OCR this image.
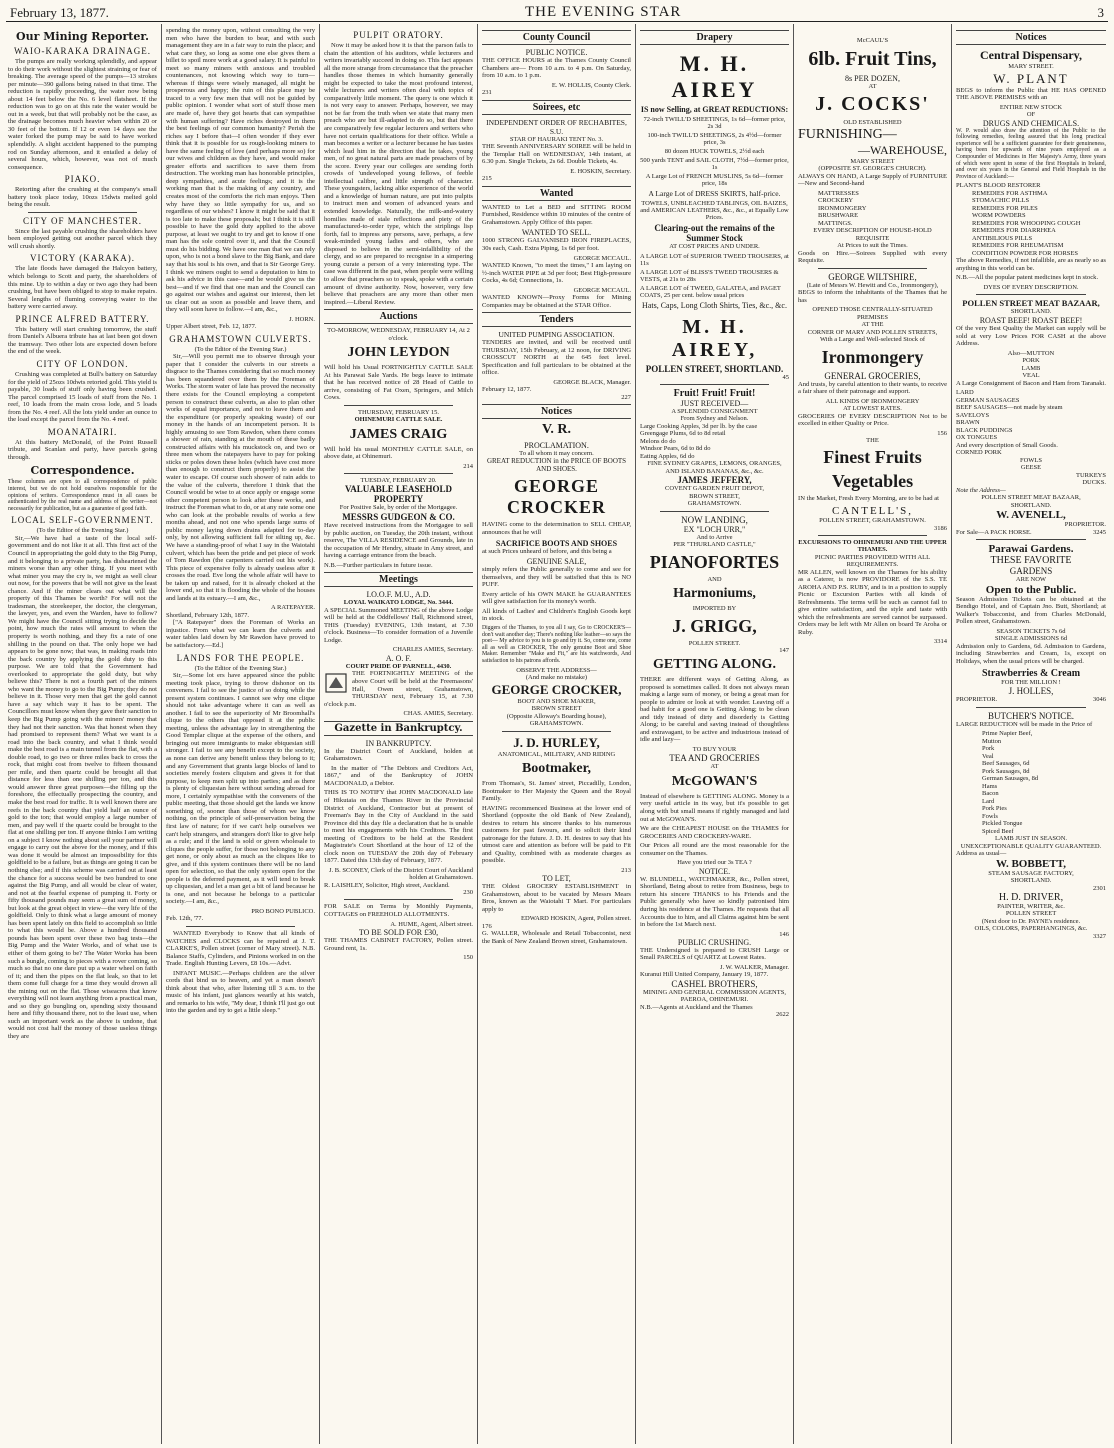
February 13, 1877.	THE EVENING STAR	3
Our Mining Reporter.
WAIO-KARAKA DRAINAGE.

The pumps are really working splendidly, and appear to do their work without the slightest straining or fear of breaking. The average speed of the pumps—13 strokes per minute—390 gallons being raised in that time. The reduction is rapidly proceeding, the water now being about 14 feet below the No. 6 level flatsheet. If the reduction was to go on at this rate the water would be out in a week, but that will probably not be the case, as the drainage becomes much heavier when within 20 or 30 feet of the bottom. If 12 or even 14 days see the water forked the pump may be said to have worked splendidly. A slight accident happened to the pumping rod on Sunday afternoon, and it entailed a delay of several hours, which, however, was not of much consequence.

PIAKO.

Retorting after the crushing at the company's small battery took place today, 10ozs 15dwts melted gold being the result.

CITY OF MANCHESTER.

Since the last payable crushing the shareholders have been employed getting out another parcel which they will crush shortly.

VICTORY (KARAKA).

The late floods have damaged the Halcyon battery, which belongs to Scott and party, the shareholders of this mine. Up to within a day or two ago they had been crushing, but have been obliged to stop to make repairs. Several lengths of fluming conveying water to the battery were carried away.

PRINCE ALFRED BATTERY.

This battery will start crushing tomorrow, the stuff from Daniel's Albuera tribute has at last been got down the tramway. Two other lots are expected down before the end of the week.

CITY OF LONDON.

Crushing was completed at Bull's battery on Saturday for the yield of 25ozs 10dwts retorted gold. This yield is payable, 30 loads of stuff only having been crushed. The parcel comprised 15 loads of stuff from the No. 1 reef, 10 loads from the main cross lode, and 5 loads from the No. 4 reef. All the lots yield under an ounce to the load except the parcel from the No. 4 reef.

MOANATAIRI.

At this battery McDonald, of the Point Russell tribute, and Scanlan and party, have parcels going through.

Correspondence.

These columns are open to all correspondence of public interest, but we do not hold ourselves responsible for the opinions of writers. Correspondence must in all cases be authenticated by the real name and address of the writer—not necessarily for publication, but as a guarantee of good faith.

LOCAL SELF-GOVERNMENT.
(To the Editor of the Evening Star.)

Sir,—We have had a taste of the local self-government and do not like it at all. This first act of the Council in appropriating the gold duty to the Big Pump, and it belonging to a private party, has disheartened the miners worse than any other thing. If you meet with what miner you may the cry is, we might as well clear out now, for the powers that be will not give us the least chance. And if the miner clears out what will the property of this Thames be worth? For will not the tradesman, the storekeeper, the doctor, the clergyman, the lawyer, yes, and even the Warden, have to follow? We might have the Council sitting trying to decide the point, how much the rates will amount to when the property is worth nothing, and they fix a rate of one shilling in the pound on that. The only hope we had appears to be gone now; that was, in making roads into the back country by applying the gold duty to this purpose. We are told that the Government had overlooked to appropriate the gold duty, but why believe this? There is not a fourth part of the miners who want the money to go to the Big Pump; they do not believe in it. Those very men that get the gold cannot have a say which way it has to be spent. The Councillors must know when they gave their sanction to keep the Big Pump going with the miners' money that they had not their sanction. Was that honest when they had promised to represent them? What we want is a road into the back country, and what I think would make the best road is a main tunnel from the flat, with a double road, to go two or three miles back to cross the rock, that might cost from twelve to fifteen thousand per mile, and then quartz could be brought all that distance for less than one shilling per ton, and this would answer three great purposes—the filling up the foreshore, the effectually prospecting the country, and make the best road for traffic. It is well known there are reefs in the back country that yield half an ounce of gold to the ton; that would employ a large number of men, and pay well if the quartz could be brought to the flat at one shilling per ton. If anyone thinks I am writing on a subject I know nothing about sell your partner will engage to carry out the above for the money, and if this was done it would be almost an impossibility for this goldfield to be a failure, but as things are going it can be nothing else; and if this scheme was carried out at least the chance for a success would be two hundred to one against the Big Pump, and all would be clear of water, and not at the fearful expense of pumping it. Forty or fifty thousand pounds may seem a great sum of money, but look at the great object in view—the very life of the goldfield. Only to think what a large amount of money has been spent lately on this field to accomplish so little to what this would be. Above a hundred thousand pounds has been spent over these two bag tests—the Big Pump and the Water Works, and of what use is either of them going to be? The Water Works has been such a bungle, coming to pieces with a rover coming, so much so that no one dare put up a water wheel on faith of it; and then the pipes on the flat leak, so that to let them come full charge for a time they would drown all the mining out on the flat. Those wiseacres that know everything will not learn anything from a practical man, and so they go bungling on, spending sixty thousand here and fifty thousand there, not to the least use, when such an important work as the above is undone, that would not cost half the money of those useless things they are

spending the money upon, without consulting the very men who have the burden to bear, and with such management they are in a fair way to ruin the place; and what care they, so long as some one else gives them a billet to spoil more work at a good salary. It is painful to meet so many miners with anxious and troubled countenances, not knowing which way to turn—whereas if things were wisely managed, all might be prosperous and happy; the ruin of this place may be traced to a very few men that will not be guided by public opinion. I wonder what sort of stuff those men are made of, have they got hearts that can sympathise with human suffering? Have riches destroyed in them the best feelings of our common humanity? Perish the riches say I before that—I often wonder if they ever think that it is possible for us rough-looking miners to have the same feeling of love (and perhaps more so) for our wives and children as they have, and would make greater efforts and sacrifices to save them from destruction. The working man has honorable principles, deep sympathies, and acute feelings; and it is the working man that is the making of any country, and creates most of the comforts the rich man enjoys. Then why have they so little sympathy for us, and so regardless of our wishes? I know it might be said that it is too late to make these proposals; but I think it is still possible to have the gold duty applied to the above purpose, at least we ought to try and get to know if one man has the sole control over it, and that the Council must do his bidding. We have one man that we can rely upon, who is not a bond slave to the Big Bank, and dare say that his soul is his own, and that is Sir George Grey. I think we miners ought to send a deputation to him to ask his advice in this case—and he would give us the best—and if we find that one man and the Council can go against our wishes and against our interest, then let us clear out as soon as possible and leave them, and they will soon have to follow.—I am, &c.,

J. HORN.
Upper Albert street, Feb. 12, 1877.
GRAHAMSTOWN CULVERTS.
(To the Editor of the Evening Star.)

Sir,—Will you permit me to observe through your paper that I consider the culverts in our streets a disgrace to the Thames considering that so much money has been squandered over them by the Foreman of Works. The storm water of late has proved the necessity there exists for the Council employing a competent person to construct these culverts, as also to plan other works of equal importance, and not to leave them and the expenditure (or properly speaking waste) of our money in the hands of an incompetent person. It is highly amusing to see Tom Rawdon, when there comes a shower of rain, standing at the mouth of these badly constructed affairs with his muckstock on, and two or three men whom the ratepayers have to pay for poking sticks or poles down these holes (which have cost more than enough to construct them properly) to assist the water to escape. Of course such shower of rain adds to the value of the culverts, therefore I think that the Council would be wise to at once apply or engage some other competent person to look after these works, and instruct the Foreman what to do, or at any rate some one who can look at the probable results of works a few months ahead, and not one who spends large sums of public money laying down drains adapted for to-day only, by not allowing sufficient fall for silting up, &c. We have a standing-proof of what I say in the Waiotahi culvert, which has been the pride and pet piece of work of Tom Rawdon (the carpenters carried out his work). This piece of expensive folly is already useless after it crosses the road. Eve long the whole affair will have to be taken up and raised, for it is already choked at the lower end, so that it is flooding the whole of the houses and lands at its estuary.—I am, &c.,

A RATEPAYER.
Shortland, February 12th, 1877.

["A Ratepayer" does the Foreman of Works an injustice. From what we can learn the culverts and water tables laid down by Mr Rawdon have proved to be satisfactory.—Ed.]

LANDS FOR THE PEOPLE.
(To the Editor of the Evening Star.)

Sir,—Some lot ers have appeared since the public meeting took place, trying to throw dishonor on its conveners. I fail to see the justice of so doing while the present system continues. I cannot see why one clique should not take advantage where it can as well as another. I fail to see the superiority of Mr Broomhall's clique to the others that opposed it at the public meeting, unless the advantage lay in strengthening the Good Templar clique at the expense of the others, and bringing out more immigrants to make ebiquesian still stronger. I fail to see any benefit except to the society, as none can derive any benefit unless they belong to it; and any Government that grants large blocks of land to societies merely fosters cliquism and gives it for that purpose, to keep men split up into parties; and as there is plenty of cliquesian here without sending abroad for more, I certainly sympathise with the conveners of the public meeting, that those should get the lands we know something of, sooner than those of whom we know nothing, on the principle of self-preservation being the first law of nature; for if we can't help ourselves we can't help strangers, and strangers don't like to give help as a rule; and if the land is sold or given wholesale to cliques the people suffer, for those not belonging to any get none, or only about as much as the cliques like to give, and if this system continues there will be no land open for selection, so that the only system open for the people is the deferred payment, as it will tend to break up cliquesian, and let a man get a bit of land because he is one, and not because he belongs to a particular society.—I am, &c.,

PRO BONO PUBLICO.
Feb. 12th, '77.

WANTED Everybody to Know that all kinds of WATCHES and CLOCKS can be repaired at J. T. CLARKE'S, Pollen street (corner of Mary street). N.B. Balance Staffs, Cylinders, and Pinions worked in on the Trade. English Hunting Levers, £8 10s.—Advt.

INFANT MUSIC.—Perhaps children are the silver cords that bind us to heaven, and yet a man doesn't think about that who, after listening till 3 a.m. to the music of his infant, just glances wearily at his watch, and remarks to his wife, "My dear, I think I'll just go out into the garden and try to get a little sleep."

PULPIT ORATORY.

Now it may be asked how it is that the parson fails to chain the attention of his auditors, while lecturers and writers invariably succeed in doing so. This fact appears all the more strange from circumstance that the preacher handles those themes in which humanity generally might be expected to take the most profound interest, while lecturers and writers often deal with topics of comparatively little moment. The query is one which it is not very easy to answer. Perhaps, however, we may not be far from the truth when we state that many men preach who are but ill-adapted to do so, but that there are comparatively few regular lecturers and writers who have not certain qualifications for their office. While a man becomes a writer or a lecturer because he has tastes which lead him in the direction that he takes, young men, of no great natural parts are made preachers of by the score. Every year our colleges are sending forth crowds of 'undeveloped young fellows, of feeble intellectual calibre, and little strength of character. These youngsters, lacking alike experience of the world and a knowledge of human nature, are put into pulpits to instruct men and women of advanced years and extended knowledge. Naturally, the milk-and-watery homilies made of stale reflections and piety of the manufactured-to-order type, which the striplings lisp forth, fail to impress any persons, save, perhaps, a few weak-minded young ladies and others, who are disposed to believe in the semi-infallibility of the clergy, and so are prepared to recognise in a simpering young curate a person of a very interesting type. The case was different in the past, when people were willing to allow that preachers so to speak, spoke with a certain amount of divine authority. Now, however, very few believe that preachers are any more than other men inspired.—Liberal Review.

Auctions
TO-MORROW, WEDNESDAY, FEBRUARY 14, At 2 o'clock.
JOHN LEYDON

Will hold his Usual FORTNIGHTLY CATTLE SALE At his Parawai Sale Yards. He begs leave to intimate that he has received notice of 28 Head of Cattle to arrive, consisting of Fat Oxen, Springers, and Milch Cows.

THURSDAY, FEBRUARY 15.
OHINEMURI CATTLE SALE.
JAMES CRAIG

Will hold his usual MONTHLY CATTLE SALE, on above date, at Ohinemuri.

214
TUESDAY, FEBRUARY 20.
VALUABLE LEASEHOLD PROPERTY
For Positive Sale, by order of the Mortgagee.
MESSRS GUDGEON & CO.

Have received instructions from the Mortgagee to sell by public auction, on Tuesday, the 20th instant, without reserve, The VILLA RESIDENCE and Grounds, late in the occupation of Mr Hendry, situate in Amy street, and having a carriage entrance from the beach.

N.B.—Further particulars in future issue.

Meetings
I.O.O.F. M.U., A.D.
LOYAL WAIKATO LODGE, No. 3444.

A SPECIAL Summoned MEETING of the above Lodge will be held at the Oddfellows' Hall, Richmond street, THIS (Tuesday) EVENING, 13th instant, at 7.30 o'clock. Business—To consider formation of a Juvenile Lodge.

CHARLES AMIES, Secretary.
A. O. F.
COURT PRIDE OF PARNELL, 4430.

THE FORTNIGHTLY MEETING of the above Court will be held at the Freemasons' Hall, Owen street, Grahamstown, THURSDAY next, February 15, at 7.30 o'clock p.m.

CHAS. AMIES, Secretary.
Gazette in Bankruptcy.
IN BANKRUPTCY.

In the District Court of Auckland, holden at Grahamstown.

In the matter of "The Debtors and Creditors Act, 1867," and of the Bankruptcy of JOHN MACDONALD, a Debtor.

THIS IS TO NOTIFY that JOHN MACDONALD late of Hikutaia on the Thames River in the Provincial District of Auckland, Contractor but at present of Freeman's Bay in the City of Auckland in the said Province did this day file a declaration that he is unable to meet his engagements with his Creditors. The first meeting of Creditors to be held at the Resident Magistrate's Court Shortland at the hour of 12 of the clock noon on TUESDAY the 20th day of February 1877. Dated this 13th day of February, 1877.

J. B. SCONEY, Clerk of the District Court of Auckland holden at Grahamstown.
R. LAISHLEY, Solicitor, High street, Auckland.
230

FOR SALE on Terms by Monthly Payments, COTTAGES on FREEHOLD ALLOTMENTS.

A. HUME, Agent, Albert street.
TO BE SOLD FOR £30,

THE THAMES CABINET FACTORY, Pollen street. Ground rent, 1s.

150
County Council
PUBLIC NOTICE.

THE OFFICE HOURS at the Thames County Council Chambers are— From 10 a.m. to 4 p.m. On Saturday, from 10 a.m. to 1 p.m.

E. W. HOLLIS, County Clerk.
231
Soirees, etc
INDEPENDENT ORDER OF RECHABITES, S.U.
STAR OF HAURAKI TENT No. 3.

THE Seventh ANNIVERSARY SOIREE will be held in the Templar Hall on WEDNESDAY, 14th instant, at 6.30 p.m. Single Tickets, 2s 6d. Double Tickets, 4s.

E. HOSKIN, Secretary.
215
Wanted

WANTED to Let a BED and SITTING ROOM Furnished, Residence within 10 minutes of the centre of Grahamstown. Apply Office of this paper.

WANTED TO SELL.

1000 STRONG GALVANISED IRON FIREPLACES, 30s each, Cash. Extra Piping, 1s 6d per foot.

GEORGE MCCAUL.

WANTED Known, "to meet the times," I am laying on ½-inch WATER PIPE at 3d per foot; Best High-pressure Cocks, 4s 6d; Connections, 1s.

GEORGE MCCAUL.

WANTED KNOWN—Proxy Forms for Mining Companies may be obtained at the STAR Office.

Tenders
UNITED PUMPING ASSOCIATION.

TENDERS are invited, and will be received until THURSDAY, 15th February, at 12 noon, for DRIVING CROSSCUT NORTH at the 645 feet level. Specification and full particulars to be obtained at the office.

GEORGE BLACK, Manager.
February 12, 1877.
227
Notices
V. R.
PROCLAMATION.
To all whom it may concern.
GREAT REDUCTION in the PRICE OF BOOTS AND SHOES.
GEORGE CROCKER

HAVING come to the determination to SELL CHEAP, announces that he will

SACRIFICE BOOTS AND SHOES

at such Prices unheard of before, and this being a

GENUINE SALE,

simply refers the Public generally to come and see for themselves, and they will be satisfied that this is NO PUFF.

Every article of his OWN MAKE he GUARANTEES will give satisfaction for its money's worth.

All kinds of Ladies' and Children's English Goods kept in stock.

Diggers of the Thames, to you all I say, Go to CROCKER'S—don't wait another day; There's nothing like leather—so says the poet— My advice to you is to go and try it. So, come one, come all as well as CROCKER, The only genuine Boot and Shoe Maker. Remember "Make and Fit," are his watchwords, And satisfaction to his patrons affords.

OBSERVE THE ADDRESS—
(And make no mistake)
GEORGE CROCKER,
BOOT AND SHOE MAKER,
BROWN STREET
(Opposite Alloway's Boarding house),
GRAHAMSTOWN.
J. D. HURLEY,
ANATOMICAL, MILITARY, AND RIDING
Bootmaker,

From Thomas's, St. James' street, Piccadilly, London, Bootmaker to Her Majesty the Queen and the Royal Family.

HAVING recommenced Business at the lower end of Shortland (opposite the old Bank of New Zealand), desires to return his sincere thanks to his numerous customers for past favours, and to solicit their kind patronage for the future. J. D. H. desires to say that his utmost care and attention as before will be paid to Fit and Quality, combined with as moderate charges as possible.

213
TO LET,

THE Oldest GROCERY ESTABLISHMENT in Grahamstown, about to be vacated by Messrs Mears Bros, known as the Waiotahi T Mart. For particulars apply to

EDWARD HOSKIN, Agent, Pollen street.
176

G. WALLER, Wholesale and Retail Tobacconist, next the Bank of New Zealand Brown street, Grahamstown.

Drapery
M. H. AIREY
IS now Selling, at GREAT REDUCTIONS:
72-inch TWILL'D SHEETINGS, 1s 6d—former price, 2s 3d
100-inch TWILL'D SHEETINGS, 2s 4½d—former price, 3s
80 dozen HUCK TOWELS, 2½d each
500 yards TENT and SAIL CLOTH, 7½d—former price, 1s
A Large Lot of FRENCH MUSLINS, 5s 6d—former price, 18s
A Large Lot of DRESS SKIRTS, half-price.
TOWELS, UNBLEACHED TABLINGS, OIL BAIZES, and AMERICAN LEATHERS, &c., &c., at Equally Low Prices.
Clearing-out the remains of the Summer Stock
AT COST PRICES AND UNDER.
A LARGE LOT of SUPERIOR TWEED TROUSERS, at 11s
A LARGE LOT of BLISS'S TWEED TROUSERS & VESTS, at 21s to 28s
A LARGE LOT of TWEED, GALATEA, and PAGET COATS, 25 per cent. below usual prices
Hats, Caps, Long Cloth Shirts, Ties, &c., &c.
M. H. AIREY,
POLLEN STREET, SHORTLAND.
45
Fruit! Fruit! Fruit!
JUST RECEIVED—
A SPLENDID CONSIGNMENT
From Sydney and Nelson.
Large Cooking Apples, 3d per lb. by the case
Greengage Plums, 6d to 8d retail
Melons do do
Windsor Pears, 6d to 8d do
Eating Apples, 6d do
FINE SYDNEY GRAPES, LEMONS, ORANGES, AND ISLAND BANANAS, &c., &c.
JAMES JEFFERY,
COVENT GARDEN FRUIT DEPOT,
BROWN STREET,
GRAHAMSTOWN.
NOW LANDING,
EX "LOCH URR,"
And to Arrive
PER "THURLAND CASTLE,"
PIANOFORTES
AND
Harmoniums,
IMPORTED BY
J. GRIGG,
POLLEN STREET.
147
GETTING ALONG.

THERE are different ways of Getting Along, as proposed is sometimes called. It does not always mean making a large sum of money, or being a great man for people to admire or look at with wonder. Leaving off a bad habit for a good one is Getting Along; to be clean and tidy instead of dirty and disorderly is Getting Along; to be careful and saving instead of thoughtless and extravagant, to be active and industrious instead of idle and lazy—

TO BUY YOUR
TEA AND GROCERIES
AT
McGOWAN'S

Instead of elsewhere is GETTING ALONG. Money is a very useful article in its way, but it's possible to get along with but small means if rightly managed and laid out at McGOWAN'S.

We are the CHEAPEST HOUSE on the THAMES for GROCERIES AND CROCKERY-WARE.

Our Prices all round are the most reasonable for the consumer on the Thames.

Have you tried our 3s TEA ?
NOTICE.

W. BLUNDELL, WATCHMAKER, &c., Pollen street, Shortland, Being about to retire from Business, begs to return his sincere THANKS to his Friends and the Public generally who have so kindly patronised him during his residence at the Thames. He requests that all Accounts due to him, and all Claims against him be sent in before the 1st March next.

146
PUBLIC CRUSHING.

THE Undersigned is prepared to CRUSH Large or Small PARCELS of QUARTZ at Lowest Rates.

J. W. WALKER, Manager.
Kuranui Hill United Company, January 19, 1877.
CASHEL BROTHERS,
MINING AND GENERAL COMMISSION AGENTS,
PAEROA, OHINEMURI.
N.B.—Agents at Auckland and the Thames
2622
McCAUL'S
6lb. Fruit Tins,
8s PER DOZEN,
AT
J. COCKS'
OLD ESTABLISHED
FURNISHING—
—WAREHOUSE,
MARY STREET
(OPPOSITE ST. GEORGE'S CHURCH).

ALWAYS ON HAND, A Large Supply of FURNITURE—New and Second-hand

MATTRESSES
CROCKERY
IRONMONGERY
BRUSHWARE
MATTINGS.
EVERY DESCRIPTION OF HOUSE-HOLD REQUISITE
At Prices to suit the Times.

Goods on Hire.—Soirees Supplied with every Requisite.

GEORGE WILTSHIRE,
(Late of Messrs W. Hewitt and Co., Ironmongery),

BEGS to inform the inhabitants of the Thames that he has

OPENED THOSE CENTRALLY-SITUATED PREMISES
AT THE
CORNER OF MARY AND POLLEN STREETS,
With a Large and Well-selected Stock of
Ironmongery
GENERAL GROCERIES,

And trusts, by careful attention to their wants, to receive a fair share of their patronage and support.

ALL KINDS OF IRONMONGERY
AT LOWEST RATES.

GROCERIES OF EVERY DESCRIPTION Not to be excelled in either Quality or Price.

156
THE
Finest Fruits
Vegetables

IN the Market, Fresh Every Morning, are to be had at

CANTELL'S,
POLLEN STREET, GRAHAMSTOWN.
3186
EXCURSIONS TO OHINEMURI AND THE UPPER THAMES.
PICNIC PARTIES PROVIDED WITH ALL REQUIREMENTS.

MR ALLEN, well known on the Thames for his ability as a Caterer, is now PROVIDORE of the S.S. TE AROHA AND P.S. RUBY, and is in a position to supply Picnic or Excursion Parties with all kinds of Refreshments. The terms will be such as cannot fail to give entire satisfaction, and the style and taste with which the refreshments are served cannot be surpassed. Orders may be left with Mr Allen on board Te Aroha or Ruby.

3314
Notices
Central Dispensary,
MARY STREET.
W. PLANT

BEGS to inform the Public that HE HAS OPENED THE ABOVE PREMISES with an

ENTIRE NEW STOCK
OF
DRUGS AND CHEMICALS.

W. P. would also draw the attention of the Public to the following remedies, feeling assured that his long practical experience will be a sufficient guarantee for their genuineness, having been for upwards of nine years employed as a Compounder of Medicines in Her Majesty's Army, three years of which were spent in some of the first Hospitals in Ireland, and over six years in the General and Field Hospitals in the Province of Auckland:—

PLANT'S BLOOD RESTORER
REMEDIES FOR ASTHMA
STOMACHIC PILLS
REMEDIES FOR PILES
WORM POWDERS
REMEDIES FOR WHOOPING COUGH
REMEDIES FOR DIARRHŒA
ANTIBILIOUS PILLS
REMEDIES FOR RHEUMATISM
CONDITION POWDER FOR HORSES

The above Remedies, if not infallible, are as nearly so as anything in this world can be.

N.B.—All the popular patent medicines kept in stock.

DYES OF EVERY DESCRIPTION.
POLLEN STREET MEAT BAZAAR,
SHORTLAND.
ROAST BEEF! ROAST BEEF!

Of the very Best Quality the Market can supply will be sold at very Low Prices FOR CASH at the above Address.

Also—MUTTON
PORK
LAMB
VEAL

A Large Consignment of Bacon and Ham from Taranaki.

LARD
GERMAN SAUSAGES
BEEF SAUSAGES—not made by steam
SAVELOYS
BRAWN
BLACK PUDDINGS
OX TONGUES
And every description of Small Goods.
CORNED PORK
FOWLS
GEESE
TURKEYS
DUCKS.
Note the Address—
POLLEN STREET MEAT BAZAAR,
SHORTLAND.
W. AVENELL,
PROPRIETOR.
For Sale—A PACK HORSE.	3245
Parawai Gardens.
THESE FAVORITE
GARDENS
ARE NOW
Open to the Public.

Season Admission Tickets can be obtained at the Bendigo Hotel, and of Captain Jno. Butt, Shortland; at Walker's Tobacconist, and from Charles McDonald, Pollen street, Grahamstown.

SEASON TICKETS 7s 6d
SINGLE ADMISSIONS 6d

Admission only to Gardens, 6d. Admission to Gardens, including Strawberries and Cream, 1s, except on Holidays, when the usual prices will be charged.

Strawberries & Cream
FOR THE MILLION !
J. HOLLES,
PROPRIETOR.	3046
BUTCHER'S NOTICE.

LARGE REDUCTION will be made in the Price of

Prime Napier Beef,
Mutton
Pork
Veal
Beef Sausages, 6d
Pork Sausages, 8d
German Sausages, 8d
Hams
Bacon
Lard
Pork Pies
Fowls
Pickled Tongue
Spiced Beef
LAMB JUST IN SEASON.
UNEXCEPTIONABLE QUALITY GUARANTEED.
Address as usual—
W. BOBBETT,
STEAM SAUSAGE FACTORY,
SHORTLAND.
2301
H. D. DRIVER,
PAINTER, WRITER, &c.
POLLEN STREET
(Next door to Dr. PAYNE's residence.
OILS, COLORS, PAPERHANGINGS, &c.
3327
